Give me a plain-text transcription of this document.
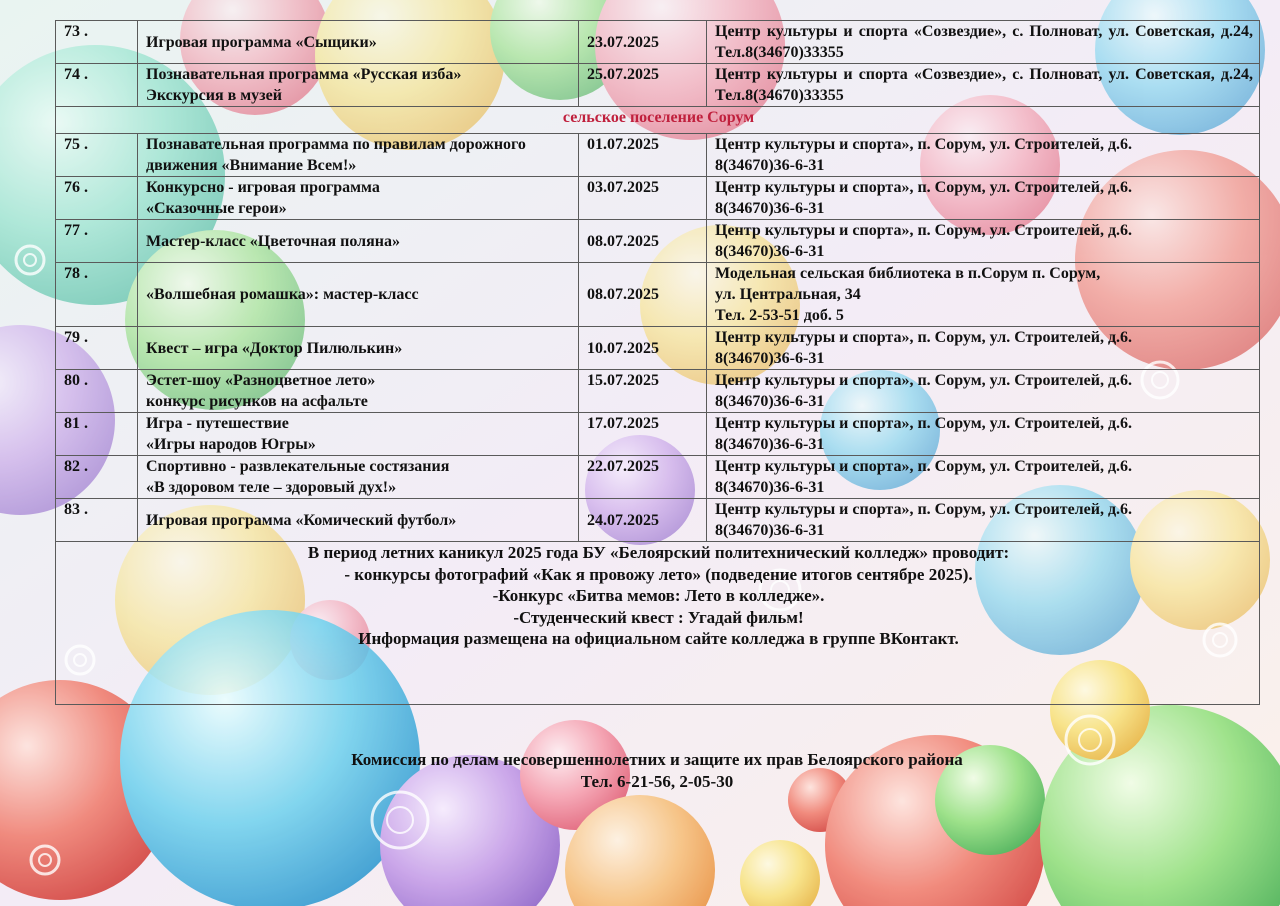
73 .	Игровая программа «Сыщики»	23.07.2025	Центр культуры и спорта «Созвездие», с. Полноват, ул. Советская, д.24, Тел.8(34670)33355

74 .	Познавательная программа «Русская изба»
Экскурсия в музей	25.07.2025	Центр культуры и спорта «Созвездие», с. Полноват, ул. Советская, д.24, Тел.8(34670)33355

сельское поселение Сорум			
75 .	Познавательная программа по правилам дорожного движения «Внимание Всем!»	01.07.2025	Центр культуры и спорта», п. Сорум, ул. Строителей, д.6.
8(34670)36-6-31

76 .	Конкурсно - игровая программа
«Сказочные герои»	03.07.2025	Центр культуры и спорта», п. Сорум, ул. Строителей, д.6.
8(34670)36-6-31

77 .	Мастер-класс «Цветочная поляна»	08.07.2025	Центр культуры и спорта», п. Сорум, ул. Строителей, д.6.
8(34670)36-6-31

78 .	«Волшебная ромашка»: мастер-класс	08.07.2025	Модельная сельская библиотека в п.Сорум п. Сорум,
ул. Центральная, 34
Тел. 2-53-51 доб. 5

79 .	Квест – игра «Доктор Пилюлькин»	10.07.2025	Центр культуры и спорта», п. Сорум, ул. Строителей, д.6.
8(34670)36-6-31

80 .	Эстет-шоу «Разноцветное лето»
конкурс рисунков на асфальте	15.07.2025	Центр культуры и спорта», п. Сорум, ул. Строителей, д.6.
8(34670)36-6-31

81 .	Игра - путешествие
«Игры народов Югры»	17.07.2025	Центр культуры и спорта», п. Сорум, ул. Строителей, д.6.
8(34670)36-6-31

82 .	Спортивно - развлекательные состязания
«В здоровом теле – здоровый дух!»	22.07.2025	Центр культуры и спорта», п. Сорум, ул. Строителей, д.6.
8(34670)36-6-31

83 .	Игровая программа «Комический футбол»	24.07.2025	Центр культуры и спорта», п. Сорум, ул. Строителей, д.6.
8(34670)36-6-31

В период летних каникул 2025 года БУ «Белоярский политехнический колледж» проводит:
- конкурсы фотографий «Как я провожу лето» (подведение итогов сентябре 2025).
-Конкурс «Битва мемов: Лето в колледже».
-Студенческий квест : Угадай фильм!
Информация размещена на официальном сайте колледжа в группе ВКонтакт.			
Комиссия по делам несовершеннолетних и защите их прав Белоярского района
Тел. 6-21-56, 2-05-30
